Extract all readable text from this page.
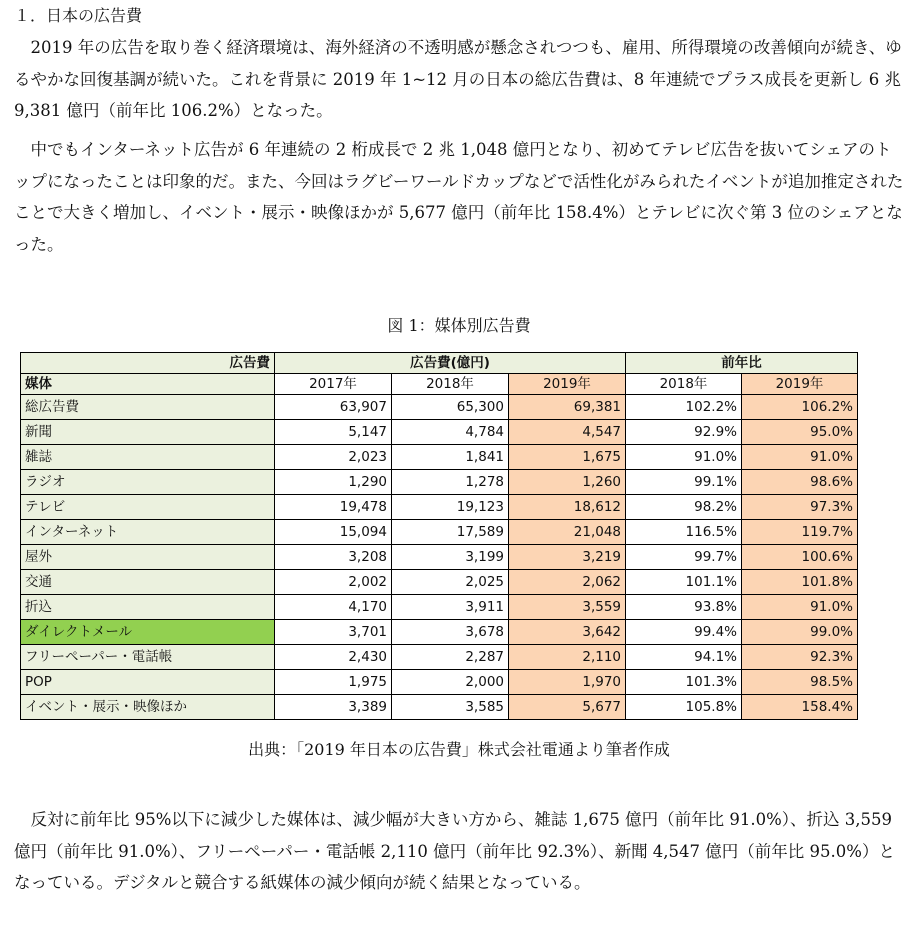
１．日本の広告費

2019 年の広告を取り巻く経済環境は、海外経済の不透明感が懸念されつつも、雇用、所得環境の改善傾向が続き、ゆるやかな回復基調が続いた。これを背景に 2019 年 1~12 月の日本の総広告費は、8 年連続でプラス成長を更新し 6 兆 9,381 億円（前年比 106.2%）となった。

中でもインターネット広告が 6 年連続の 2 桁成長で 2 兆 1,048 億円となり、初めてテレビ広告を抜いてシェアのトップになったことは印象的だ。また、今回はラグビーワールドカップなどで活性化がみられたイベントが追加推定されたことで大きく増加し、イベント・展示・映像ほかが 5,677 億円（前年比 158.4%）とテレビに次ぐ第 3 位のシェアとなった。

図 1：媒体別広告費
広告費	広告費(億円)			前年比	
媒体	2017年	2018年	2019年	2018年	2019年
総広告費	63,907	65,300	69,381	102.2%	106.2%
新聞	5,147	4,784	4,547	92.9%	95.0%
雑誌	2,023	1,841	1,675	91.0%	91.0%
ラジオ	1,290	1,278	1,260	99.1%	98.6%
テレビ	19,478	19,123	18,612	98.2%	97.3%
インターネット	15,094	17,589	21,048	116.5%	119.7%
屋外	3,208	3,199	3,219	99.7%	100.6%
交通	2,002	2,025	2,062	101.1%	101.8%
折込	4,170	3,911	3,559	93.8%	91.0%
ダイレクトメール	3,701	3,678	3,642	99.4%	99.0%
フリーペーパー・電話帳	2,430	2,287	2,110	94.1%	92.3%
POP	1,975	2,000	1,970	101.3%	98.5%
イベント・展示・映像ほか	3,389	3,585	5,677	105.8%	158.4%
出典：「2019 年日本の広告費」株式会社電通より筆者作成

反対に前年比 95%以下に減少した媒体は、減少幅が大きい方から、雑誌 1,675 億円（前年比 91.0%）、折込 3,559 億円（前年比 91.0%）、フリーペーパー・電話帳 2,110 億円（前年比 92.3%）、新聞 4,547 億円（前年比 95.0%）となっている。デジタルと競合する紙媒体の減少傾向が続く結果となっている。
